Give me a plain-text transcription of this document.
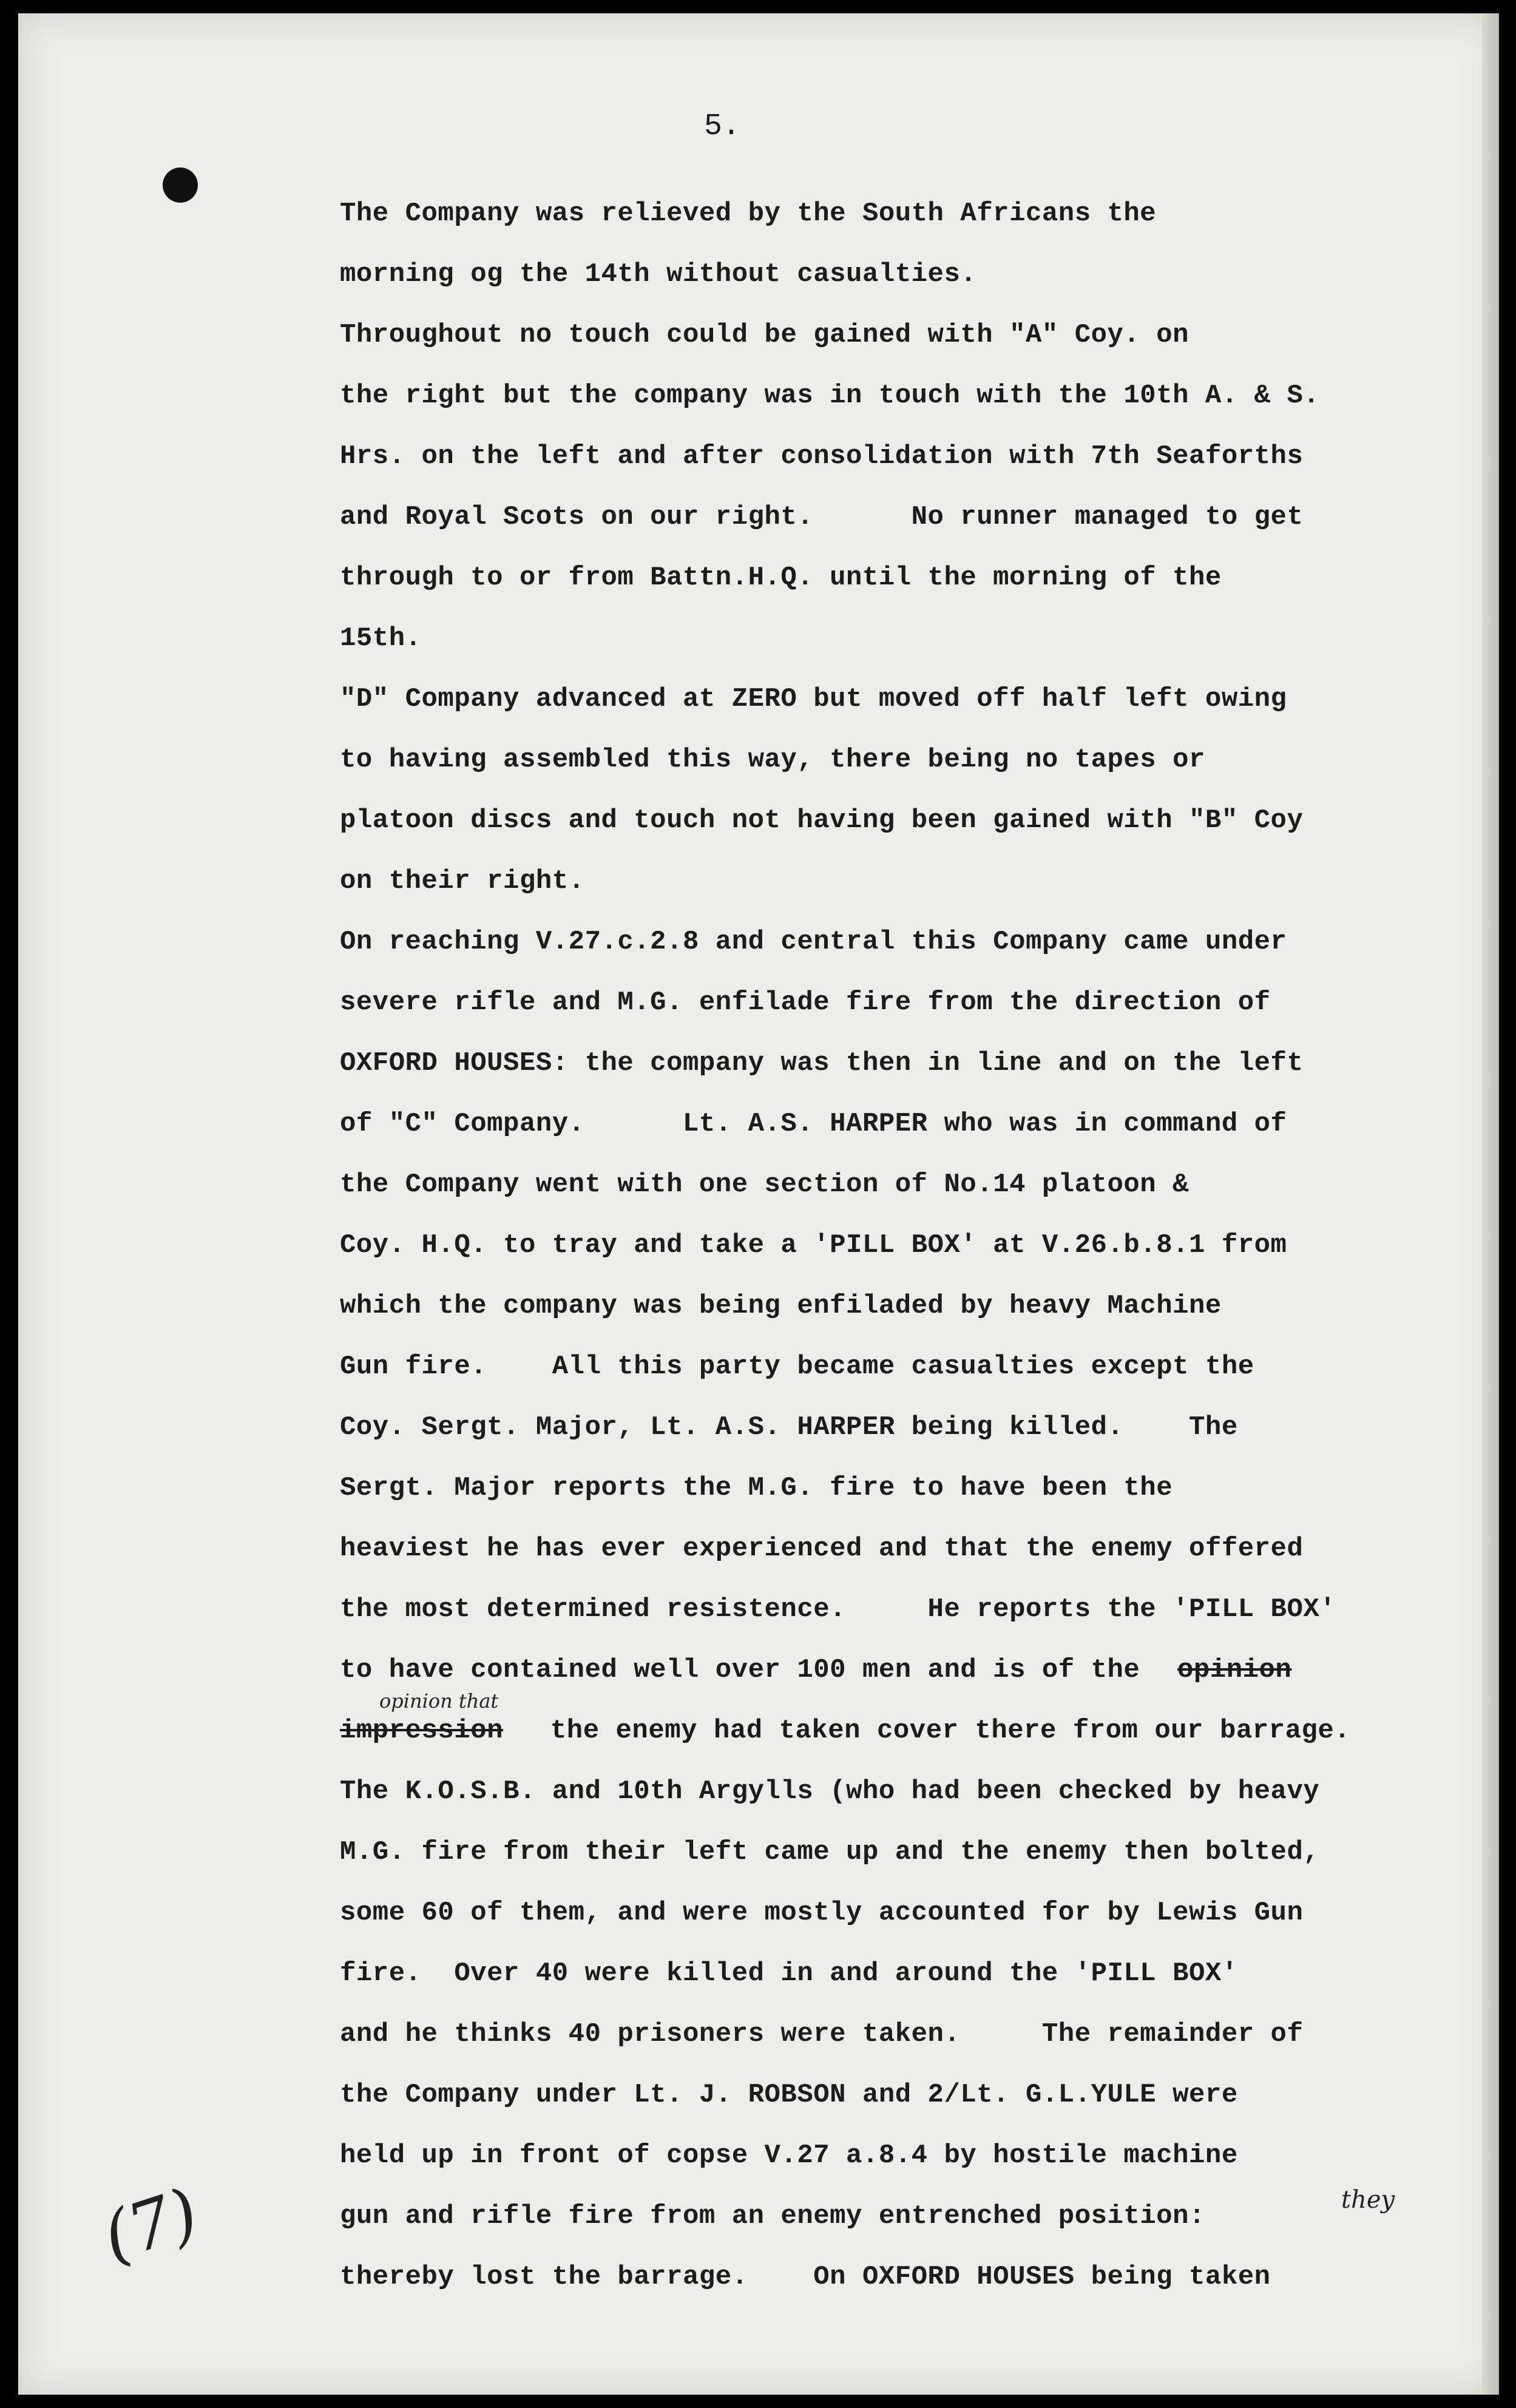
5.
The Company was relieved by the South Africans the
morning og the 14th without casualties.
Throughout no touch could be gained with "A" Coy. on
the right but the company was in touch with the 10th A. & S.
Hrs. on the left and after consolidation with 7th Seaforths
and Royal Scots on our right.      No runner managed to get
through to or from Battn.H.Q. until the morning of the
15th.
"D" Company advanced at ZERO but moved off half left owing
to having assembled this way, there being no tapes or
platoon discs and touch not having been gained with "B" Coy
on their right.
On reaching V.27.c.2.8 and central this Company came under
severe rifle and M.G. enfilade fire from the direction of
OXFORD HOUSES: the company was then in line and on the left
of "C" Company.      Lt. A.S. HARPER who was in command of
the Company went with one section of No.14 platoon &
Coy. H.Q. to tray and take a 'PILL BOX' at V.26.b.8.1 from
which the company was being enfiladed by heavy Machine
Gun fire.    All this party became casualties except the
Coy. Sergt. Major, Lt. A.S. HARPER being killed.    The
Sergt. Major reports the M.G. fire to have been the
heaviest he has ever experienced and that the enemy offered
the most determined resistence.     He reports the 'PILL BOX'
to have contained well over 100 men and is of the opinion
opinion that
impression the enemy had taken cover there from our barrage.
The K.O.S.B. and 10th Argylls (who had been checked by heavy
M.G. fire from their left came up and the enemy then bolted,
some 60 of them, and were mostly accounted for by Lewis Gun
fire.  Over 40 were killed in and around the 'PILL BOX'
and he thinks 40 prisoners were taken.     The remainder of
the Company under Lt. J. ROBSON and 2/Lt. G.L.YULE were
held up in front of copse V.27 a.8.4 by hostile machine
gun and rifle fire from an enemy entrenched position:
they
thereby lost the barrage.    On OXFORD HOUSES being taken
(7)
